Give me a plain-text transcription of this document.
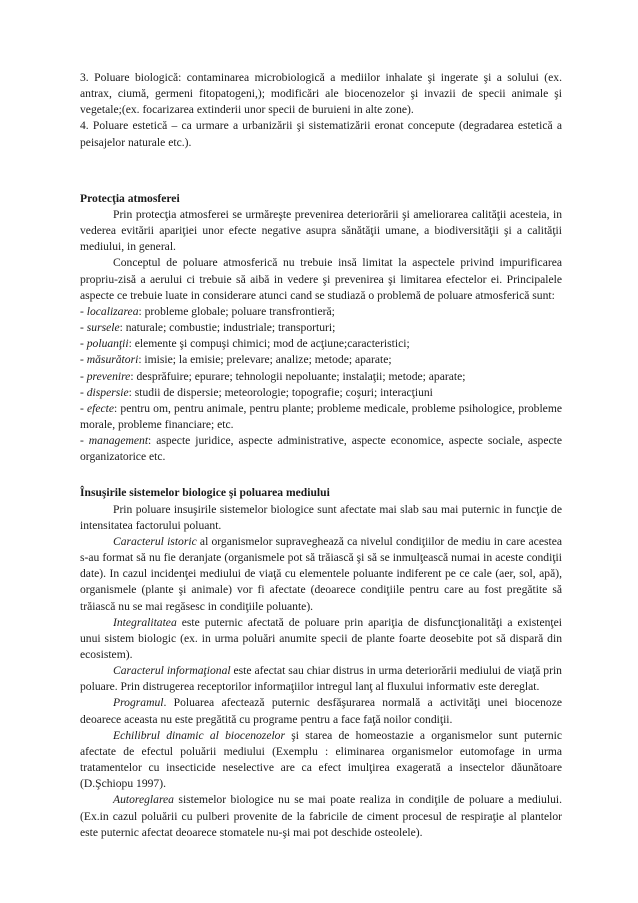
3. Poluare biologică: contaminarea microbiologică a mediilor inhalate şi ingerate şi a solului (ex. antrax, ciumă, germeni fitopatogeni,); modificări ale biocenozelor şi invazii de specii animale şi vegetale;(ex. focarizarea extinderii unor specii de buruieni in alte zone).

4. Poluare estetică – ca urmare a urbanizării şi sistematizării eronat concepute (degradarea estetică a peisajelor naturale etc.).

Protecţia atmosferei

Prin protecţia atmosferei se urmăreşte prevenirea deteriorării şi ameliorarea calităţii acesteia, in vederea evitării apariţiei unor efecte negative asupra sănătăţii umane, a biodiversităţii şi a calităţii mediului, in general.

Conceptul de poluare atmosferică nu trebuie insă limitat la aspectele privind impurificarea propriu-zisă a aerului ci trebuie să aibă in vedere şi prevenirea şi limitarea efectelor ei. Principalele aspecte ce trebuie luate in considerare atunci cand se studiază o problemă de poluare atmosferică sunt:

- localizarea: probleme globale; poluare transfrontieră;

- sursele: naturale; combustie; industriale; transporturi;

- poluanţii: elemente şi compuşi chimici; mod de acţiune;caracteristici;

- măsurători: imisie; la emisie; prelevare; analize; metode; aparate;

- prevenire: desprăfuire; epurare; tehnologii nepoluante; instalaţii; metode; aparate;

- dispersie: studii de dispersie; meteorologie; topografie; coşuri; interacţiuni

- efecte: pentru om, pentru animale, pentru plante; probleme medicale, probleme psihologice, probleme morale, probleme financiare; etc.

- management: aspecte juridice, aspecte administrative, aspecte economice, aspecte sociale, aspecte organizatorice etc.

Însuşirile sistemelor biologice şi poluarea mediului

Prin poluare insuşirile sistemelor biologice sunt afectate mai slab sau mai puternic in funcţie de intensitatea factorului poluant.

Caracterul istoric al organismelor supraveghează ca nivelul condiţiilor de mediu in care acestea s-au format să nu fie deranjate (organismele pot să trăiască şi să se inmulţească numai in aceste condiţii date). In cazul incidenţei mediului de viaţă cu elementele poluante indiferent pe ce cale (aer, sol, apă), organismele (plante şi animale) vor fi afectate (deoarece condiţiile pentru care au fost pregătite să trăiască nu se mai regăsesc in condiţiile poluante).

Integralitatea este puternic afectată de poluare prin apariţia de disfuncţionalităţi a existenţei unui sistem biologic (ex. in urma poluări anumite specii de plante foarte deosebite pot să dispară din ecosistem).

Caracterul informaţional este afectat sau chiar distrus in urma deteriorării mediului de viaţă prin poluare. Prin distrugerea receptorilor informaţiilor intregul lanţ al fluxului informativ este dereglat.

Programul. Poluarea afectează puternic desfăşurarea normală a activităţi unei biocenoze deoarece aceasta nu este pregătită cu programe pentru a face faţă noilor condiţii.

Echilibrul dinamic al biocenozelor şi starea de homeostazie a organismelor sunt puternic afectate de efectul poluării mediului (Exemplu : eliminarea organismelor eutomofage in urma tratamentelor cu insecticide neselective are ca efect imulţirea exagerată a insectelor dăunătoare (D.Şchiopu 1997).

Autoreglarea sistemelor biologice nu se mai poate realiza in condiţile de poluare a mediului.(Ex.in cazul poluării cu pulberi provenite de la fabricile de ciment procesul de respiraţie al plantelor este puternic afectat deoarece stomatele nu-şi mai pot deschide osteolele).
